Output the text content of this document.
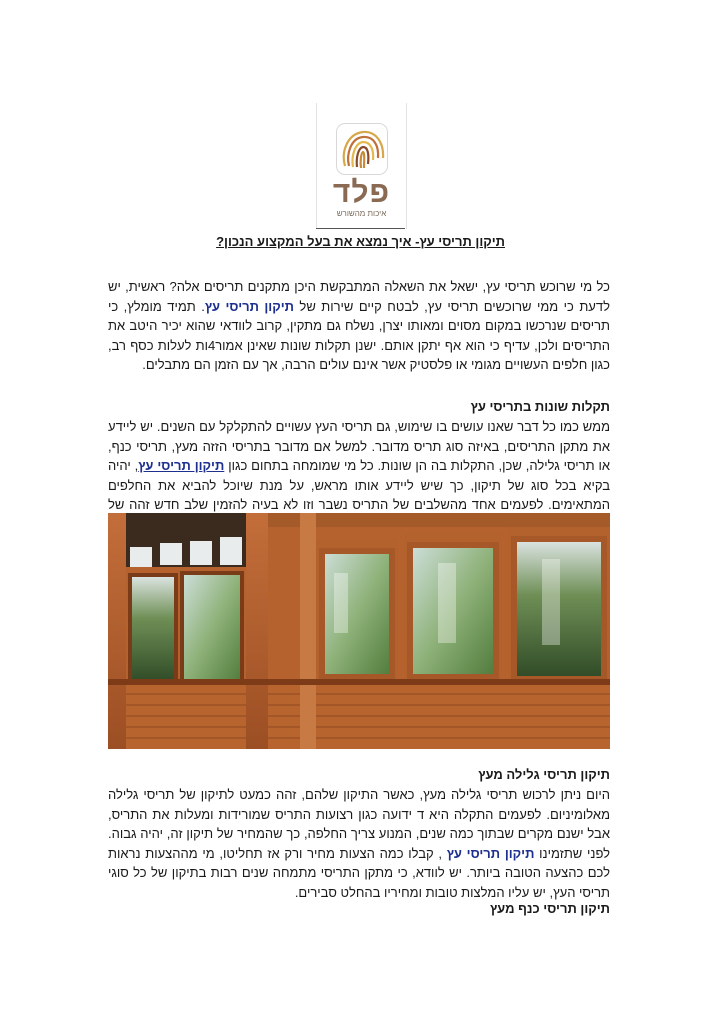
פלד
איכות מהשורש
תיקון תריסי עץ- איך נמצא את בעל המקצוע הנכון?
כל מי שרוכש תריסי עץ, ישאל את השאלה המתבקשת היכן מתקנים תריסים אלה? ראשית, יש לדעת כי ממי שרוכשים תריסי עץ, לבטח קיים שירות של תיקון תריסי עץ. תמיד מומלץ, כי תריסים שנרכשו במקום מסוים ומאותו יצרן, נשלח גם מתקין, קרוב לוודאי שהוא יכיר היטב את התריסים ולכן, עדיף כי הוא אף יתקן אותם. ישנן תקלות שונות שאינן אמור4ות לעלות כסף רב, כגון חלפים העשויים מגומי או פלסטיק אשר אינם עולים הרבה, אך עם הזמן הם מתבלים.
תקלות שונות בתריסי עץ
ממש כמו כל דבר שאנו עושים בו שימוש, גם תריסי העץ עשויים להתקלקל עם השנים. יש ליידע את מתקן התריסים, באיזה סוג תריס מדובר. למשל אם מדובר בתריסי הזזה מעץ, תריסי כנף, או תריסי גלילה, שכן, התקלות בה הן שונות. כל מי שמומחה בתחום כגון תיקון תריסי עץ, יהיה בקיא בכל סוג של תיקון, כך שיש ליידע אותו מראש, על מנת שיוכל להביא את החלפים המתאימים. לפעמים אחד מהשלבים של התריס נשבר וזו לא בעיה להזמין שלב חדש זהה של
תיקון תריסי גלילה מעץ
היום ניתן לרכוש תריסי גלילה מעץ, כאשר התיקון שלהם, זהה כמעט לתיקון של תריסי גלילה מאלומיניום. לפעמים התקלה היא ד ידועה כגון רצועות התריס שמורידות ומעלות את התריס, אבל ישנם מקרים שבתוך כמה שנים, המנוע צריך החלפה, כך שהמחיר של תיקון זה, יהיה גבוה. לפני שתזמינו תיקון תריסי עץ , קבלו כמה הצעות מחיר ורק אז תחליטו, מי מההצעות נראות לכם כהצעה הטובה ביותר. יש לוודא, כי מתקן התריסי מתמחה שנים רבות בתיקון של כל סוגי תריסי העץ, יש עליו המלצות טובות ומחיריו בהחלט סבירים.
תיקון תריסי כנף מעץ
